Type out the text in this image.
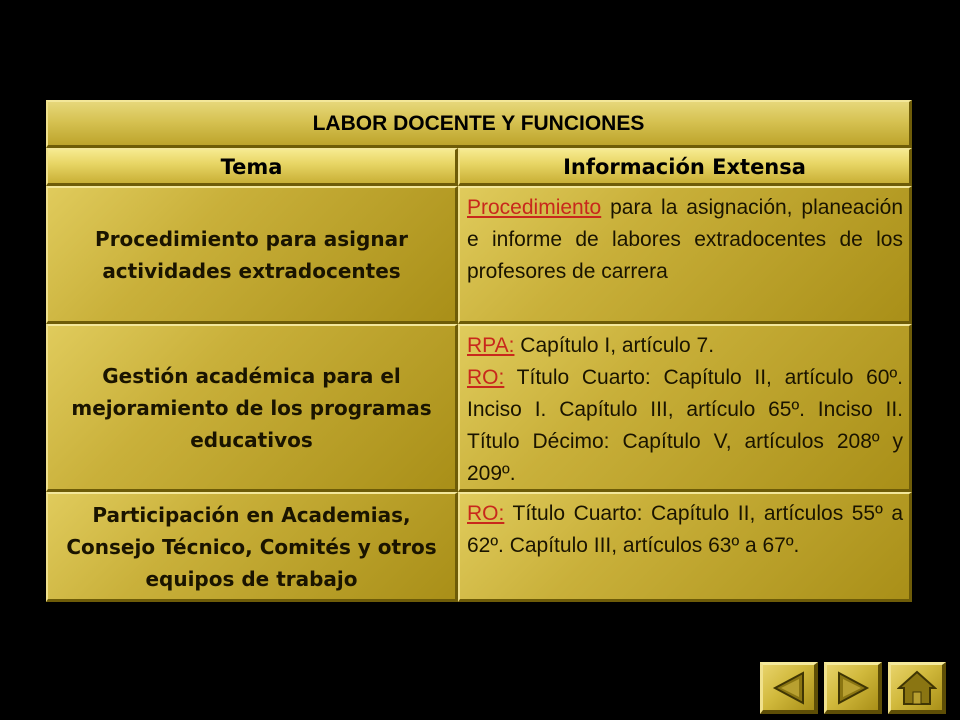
LABOR DOCENTE Y FUNCIONES
Tema	Información Extensa
Procedimiento para asignar actividades extradocentes
Procedimiento para la asignación, planeación e informe de labores extradocentes de los profesores de carrera
Gestión académica para el mejoramiento de los programas educativos
RPA: Capítulo I, artículo 7.
RO: Título Cuarto: Capítulo II, artículo 60º. Inciso I. Capítulo III, artículo 65º. Inciso II. Título Décimo: Capítulo V, artículos 208º y 209º.
Participación en Academias, Consejo Técnico, Comités y otros equipos de trabajo
RO: Título Cuarto: Capítulo II, artículos 55º a 62º. Capítulo III, artículos 63º a 67º.
